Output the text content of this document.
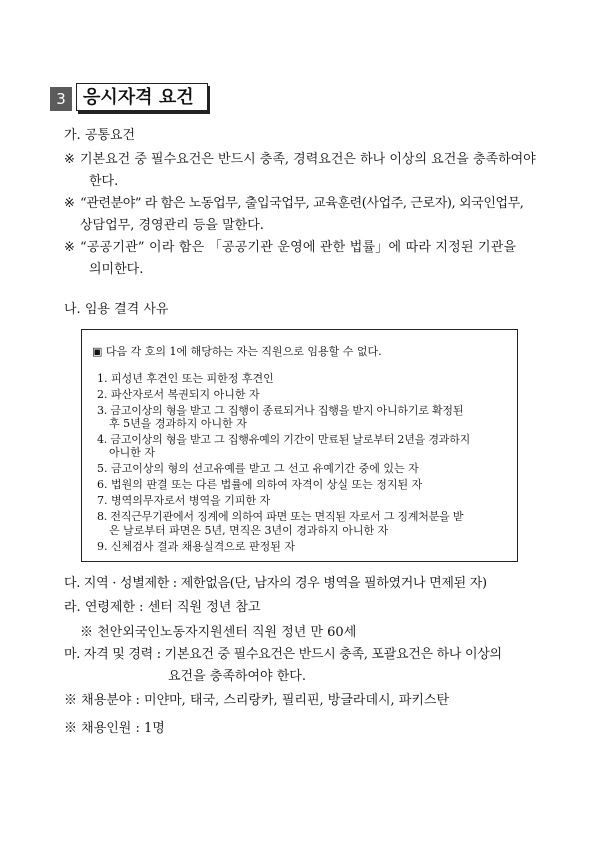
3 응시자격 요건
가. 공통요건
※ 기본요건 중 필수요건은 반드시 충족, 경력요건은 하나 이상의 요건을 충족하여야
한다.
※ “관련분야” 라 함은 노동업무, 출입국업무, 교육훈련(사업주, 근로자), 외국인업무,
상담업무, 경영관리 등을 말한다.
※ “공공기관” 이라 함은 「공공기관 운영에 관한 법률」에 따라 지정된 기관을
의미한다.
나. 임용 결격 사유
▣ 다음 각 호의 1에 해당하는 자는 직원으로 임용할 수 없다.
1. 피성년 후견인 또는 피한정 후견인
2. 파산자로서 복권되지 아니한 자
3. 금고이상의 형을 받고 그 집행이 종료되거나 집행을 받지 아니하기로 확정된
후 5년을 경과하지 아니한 자
4. 금고이상의 형을 받고 그 집행유예의 기간이 만료된 날로부터 2년을 경과하지
아니한 자
5. 금고이상의 형의 선고유예를 받고 그 선고 유예기간 중에 있는 자
6. 법원의 판결 또는 다른 법률에 의하여 자격이 상실 또는 정지된 자
7. 병역의무자로서 병역을 기피한 자
8. 전직근무기관에서 징계에 의하여 파면 또는 면직된 자로서 그 징계처분을 받
은 날로부터 파면은 5년, 면직은 3년이 경과하지 아니한 자
9. 신체검사 결과 채용실격으로 판정된 자
다. 지역 · 성별제한 : 제한없음(단, 남자의 경우 병역을 필하였거나 면제된 자)
라. 연령제한 : 센터 직원 정년 참고
※ 천안외국인노동자지원센터 직원 정년 만 60세
마. 자격 및 경력 : 기본요건 중 필수요건은 반드시 충족, 포괄요건은 하나 이상의
요건을 충족하여야 한다.
※ 채용분야 : 미얀마, 태국, 스리랑카, 필리핀, 방글라데시, 파키스탄
※ 채용인원 : 1명
